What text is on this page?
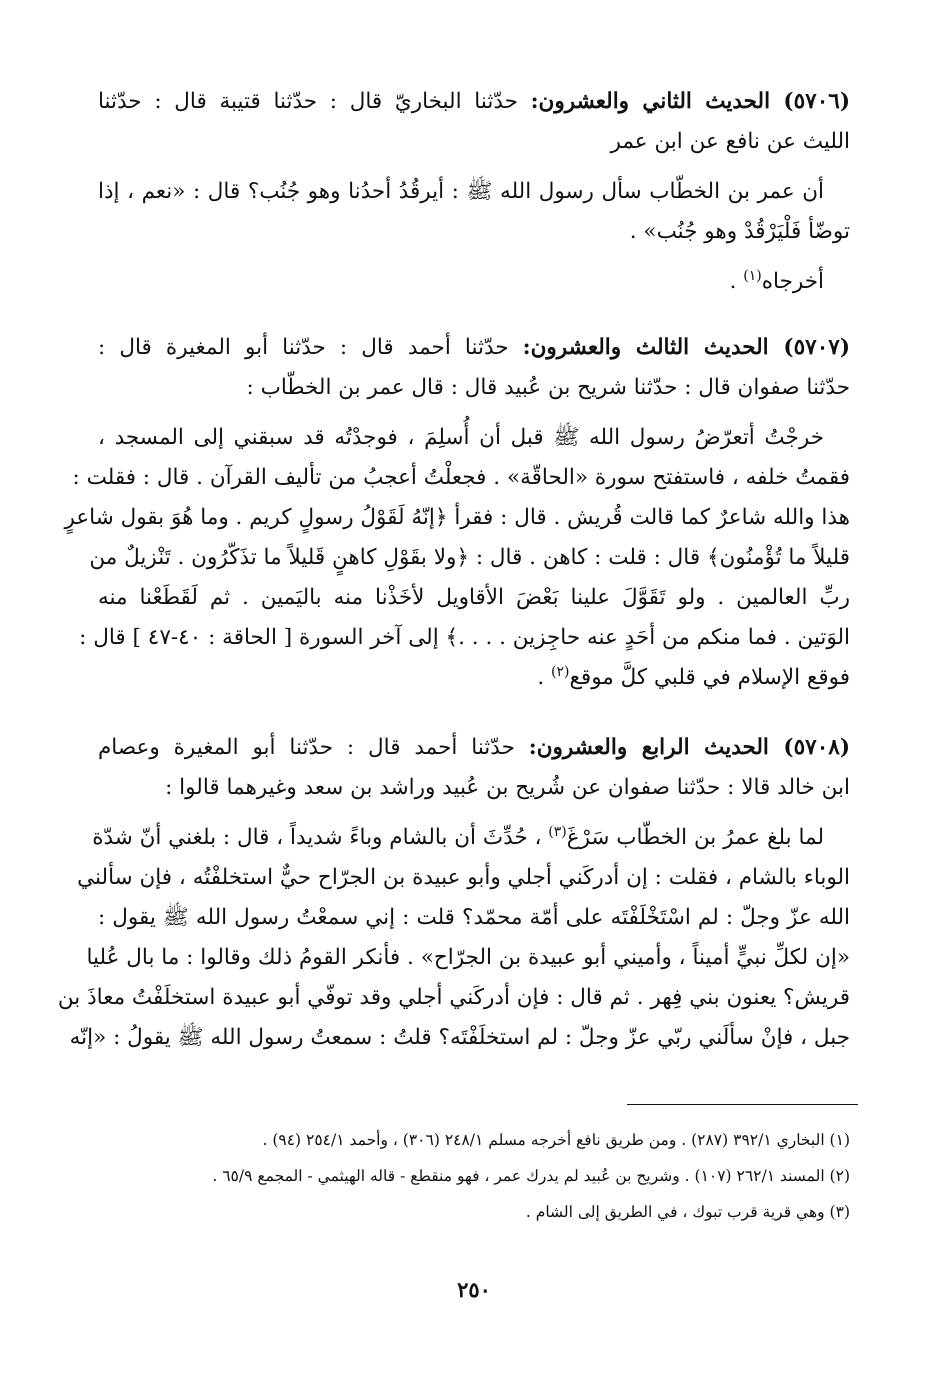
(٥٧٠٦) الحديث الثاني والعشرون: حدّثنا البخاريّ قال : حدّثنا قتيبة قال : حدّثنا

الليث عن نافع عن ابن عمر

أن عمر بن الخطّاب سأل رسول الله ﷺ : أيرقُدُ أحدُنا وهو جُنُب؟ قال : «نعم ، إذا

توضّأ فَلْيَرْقُدْ وهو جُنُب» .

أخرجاه$^{(١)}$ .

(٥٧٠٧) الحديث الثالث والعشرون: حدّثنا أحمد قال : حدّثنا أبو المغيرة قال :

حدّثنا صفوان قال : حدّثنا شريح بن عُبيد قال : قال عمر بن الخطّاب :

خرجْتُ أتعرّضُ رسول الله ﷺ قبل أن أُسلِمَ ، فوجدْتُه قد سبقني إلى المسجد ،

فقمتُ خلفه ، فاستفتح سورة «الحاقّة» . فجعلْتُ أعجبُ من تأليف القرآن . قال : فقلت :

هذا والله شاعرٌ كما قالت قُريش . قال : فقرأ ﴿إنّهُ لَقَوْلُ رسولٍ كريم . وما هُوَ بقول شاعرٍ

قليلاً ما تُؤْمنُون﴾ قال : قلت : كاهن . قال : ﴿ولا بقَوْلِ كاهنٍ قَليلاً ما تذَكّرُون . تَنْزيلٌ من

ربِّ العالمين . ولو تَقَوَّلَ علينا بَعْضَ الأقاويل لأخَذْنا منه باليَمين . ثم لَقَطَعْنا منه

الوَتين . فما منكم من أحَدٍ عنه حاجِزين . . . .﴾ إلى آخر السورة [ الحاقة : ٤٠-٤٧ ] قال :

فوقع الإسلام في قلبي كلَّ موقع$^{(٢)}$ .

(٥٧٠٨) الحديث الرابع والعشرون: حدّثنا أحمد قال : حدّثنا أبو المغيرة وعصام

ابن خالد قالا : حدّثنا صفوان عن شُريح بن عُبيد وراشد بن سعد وغيرهما قالوا :

لما بلغ عمرُ بن الخطّاب سَرْغَ$^{(٣)}$ ، حُدِّثَ أن بالشام وباءً شديداً ، قال : بلغني أنّ شدّة

الوباء بالشام ، فقلت : إن أدركَني أجلي وأبو عبيدة بن الجرّاح حيٌّ استخلفْتُه ، فإن سألني

الله عزّ وجلّ : لم اسْتَخْلَفْتَه على أمّة محمّد؟ قلت : إني سمعْتُ رسول الله ﷺ يقول :

«إن لكلِّ نبيٍّ أميناً ، وأميني أبو عبيدة بن الجرّاح» . فأنكر القومُ ذلك وقالوا : ما بال عُليا

قريش؟ يعنون بني فِهر . ثم قال : فإن أدركَني أجلي وقد توفّي أبو عبيدة استخلَفْتُ معاذَ بن

جبل ، فإنْ سألَني ربّي عزّ وجلّ : لم استخلَفْتَه؟ قلتُ : سمعتُ رسول الله ﷺ يقولُ : «إنّه

(١) البخاري ٣٩٢/١ (٢٨٧) . ومن طريق نافع أخرجه مسلم ٢٤٨/١ (٣٠٦) ، وأحمد ٢٥٤/١ (٩٤) .

(٢) المسند ٢٦٢/١ (١٠٧) . وشريح بن عُبيد لم يدرك عمر ، فهو منقطع - قاله الهيثمي - المجمع ٦٥/٩ .

(٣) وهي قرية قرب تبوك ، في الطريق إلى الشام .

٢٥٠
